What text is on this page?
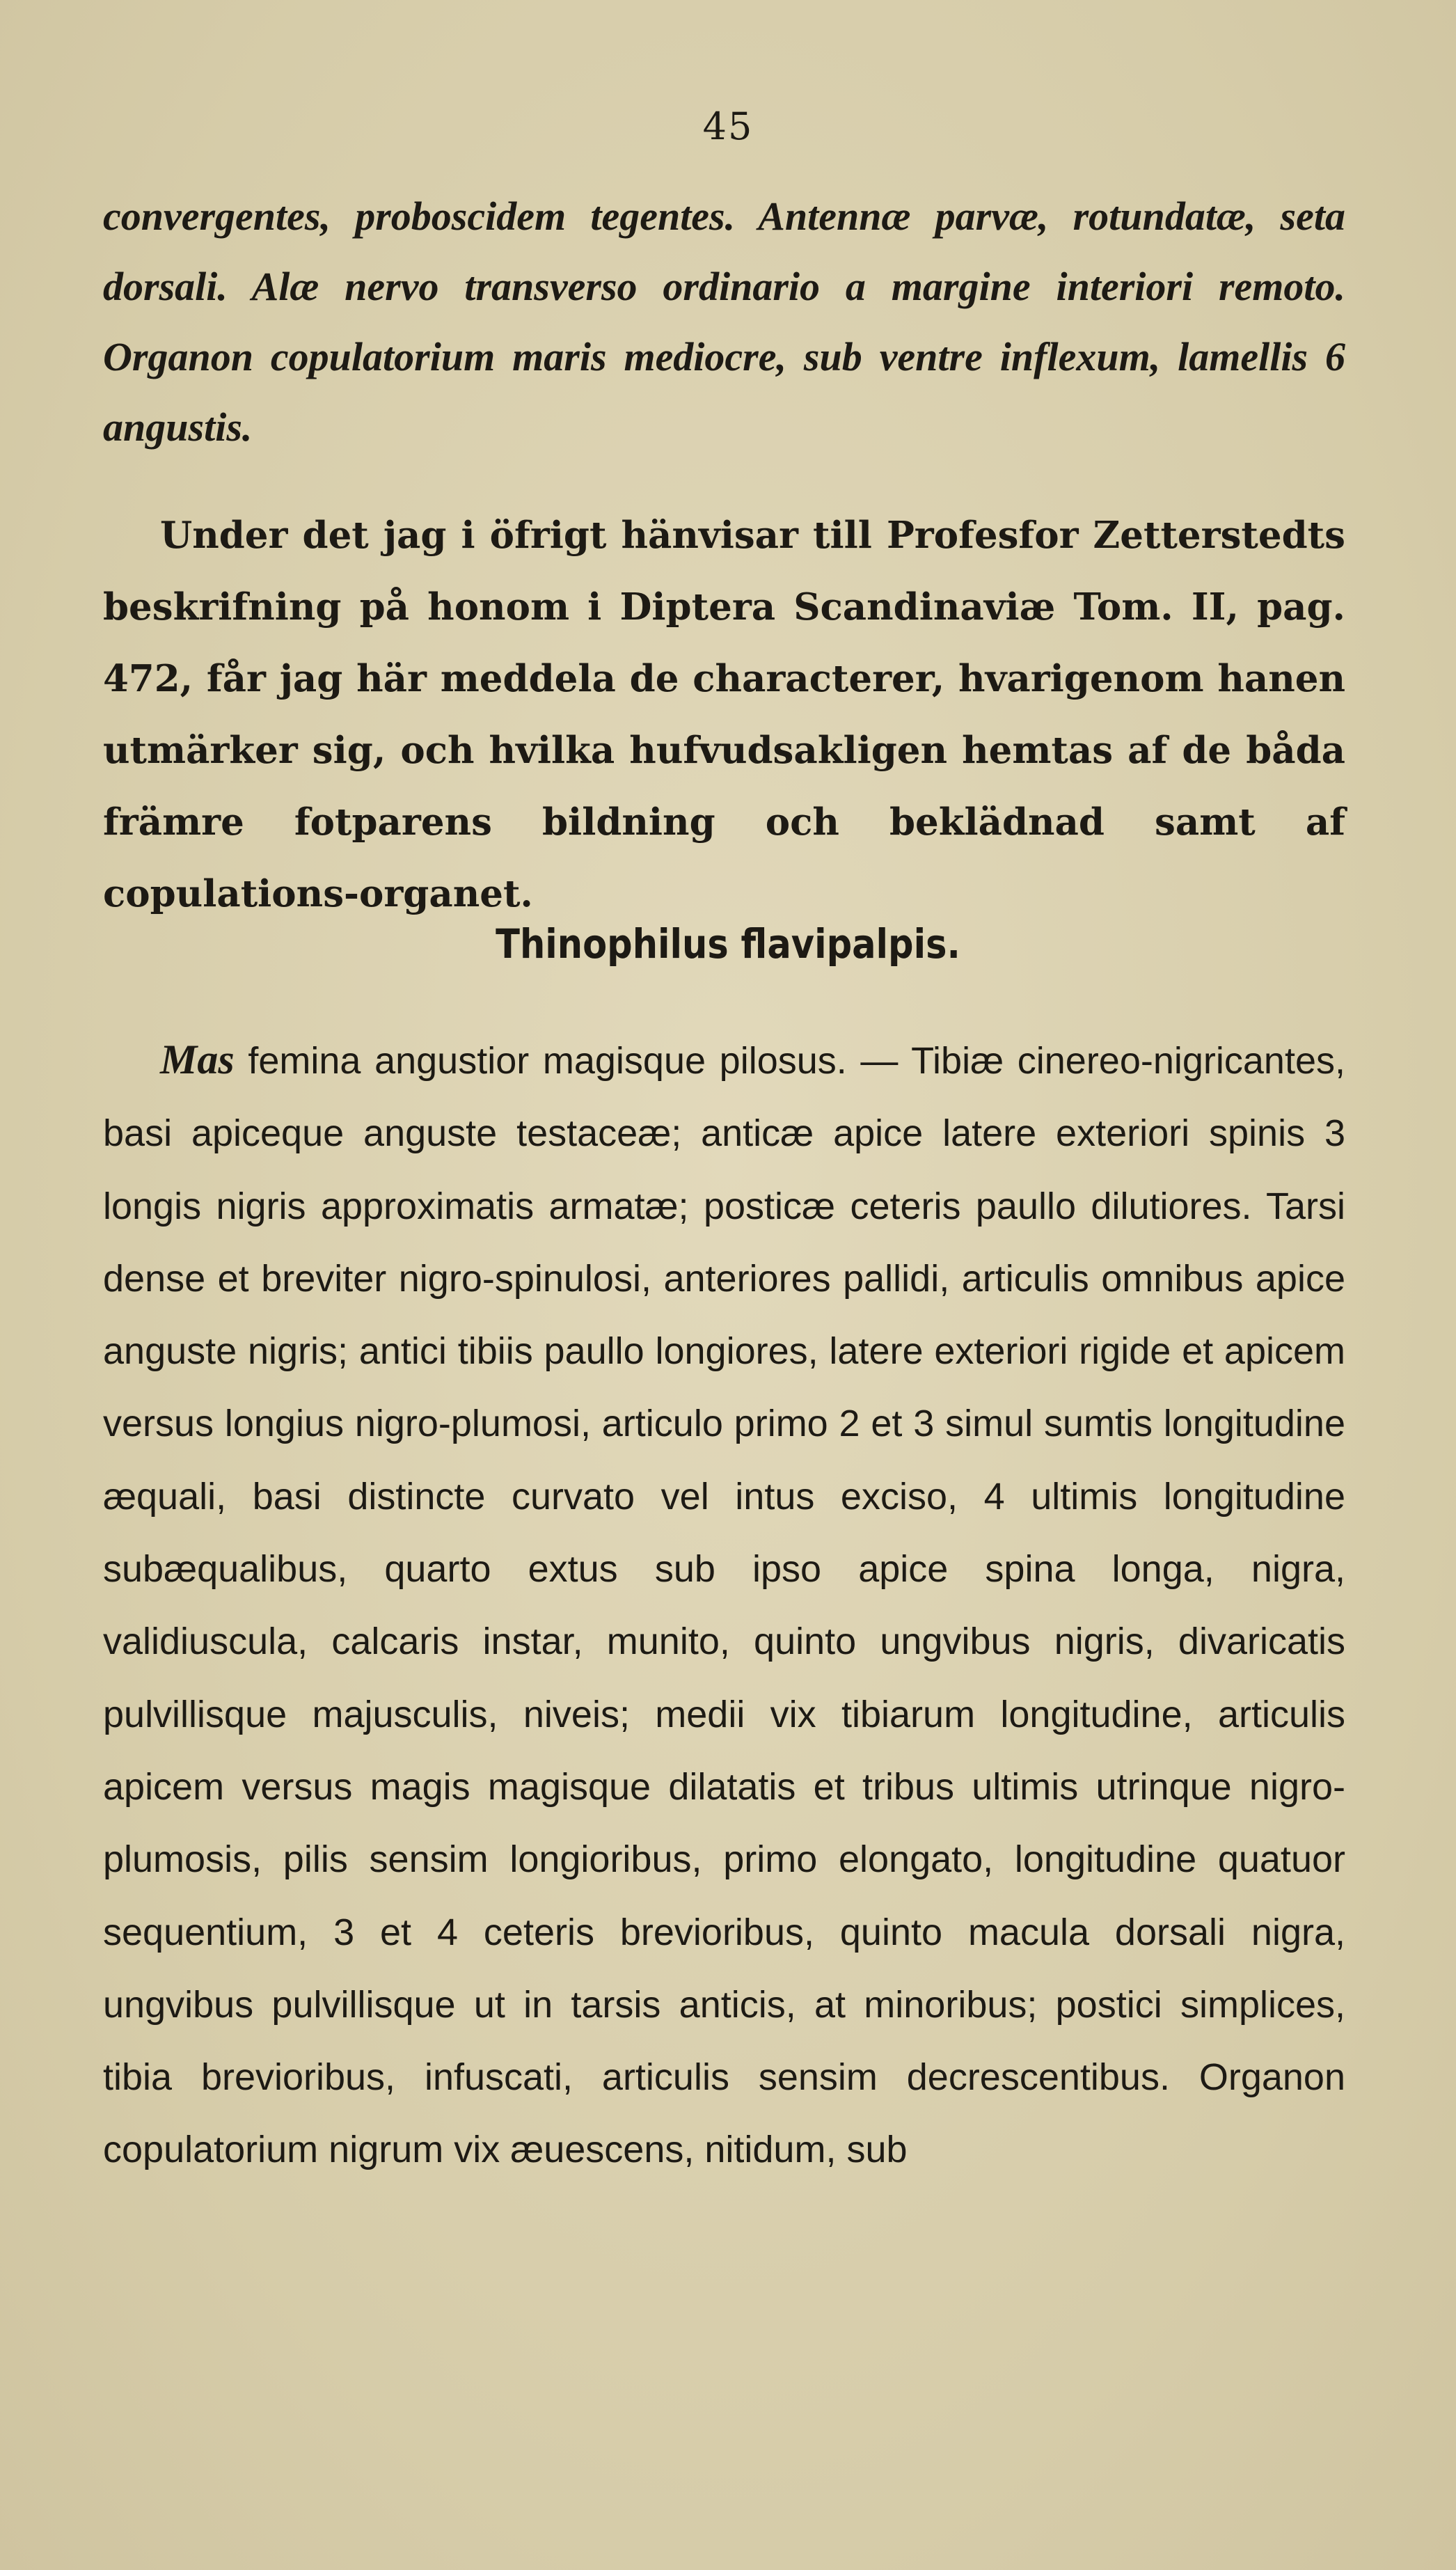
45

convergentes, proboscidem tegentes. Antennæ parvæ, rotundatæ, seta dorsali. Alæ nervo transverso ordinario a margine interiori remoto. Organon copulatorium maris mediocre, sub ventre inflexum, lamellis 6 angustis.

Under det jag i öfrigt hänvisar till Profesfor Zetterstedts beskrifning på honom i Diptera Scandinaviæ Tom. II, pag. 472, får jag här meddela de characterer, hvarigenom hanen utmärker sig, och hvilka hufvudsakligen hemtas af de båda främre fotparens bildning och beklädnad samt af copulations-organet.

Thinophilus flavipalpis.

Mas femina angustior magisque pilosus. — Tibiæ cinereo-nigricantes, basi apiceque anguste testaceæ; anticæ apice latere exteriori spinis 3 longis nigris approximatis armatæ; posticæ ceteris paullo dilutiores. Tarsi dense et breviter nigro-spinulosi, anteriores pallidi, articulis omnibus apice anguste nigris; antici tibiis paullo longiores, latere exteriori rigide et apicem versus longius nigro-plumosi, articulo primo 2 et 3 simul sumtis longitudine æquali, basi distincte curvato vel intus exciso, 4 ultimis longitudine subæqualibus, quarto extus sub ipso apice spina longa, nigra, validiuscula, calcaris instar, munito, quinto ungvibus nigris, divaricatis pulvillisque majusculis, niveis; medii vix tibiarum longitudine, articulis apicem versus magis magisque dilatatis et tribus ultimis utrinque nigro-plumosis, pilis sensim longioribus, primo elongato, longitudine quatuor sequentium, 3 et 4 ceteris brevioribus, quinto macula dorsali nigra, ungvibus pulvillisque ut in tarsis anticis, at minoribus; postici simplices, tibia brevioribus, infuscati, articulis sensim decrescentibus. Organon copulatorium nigrum vix æuescens, nitidum, sub
